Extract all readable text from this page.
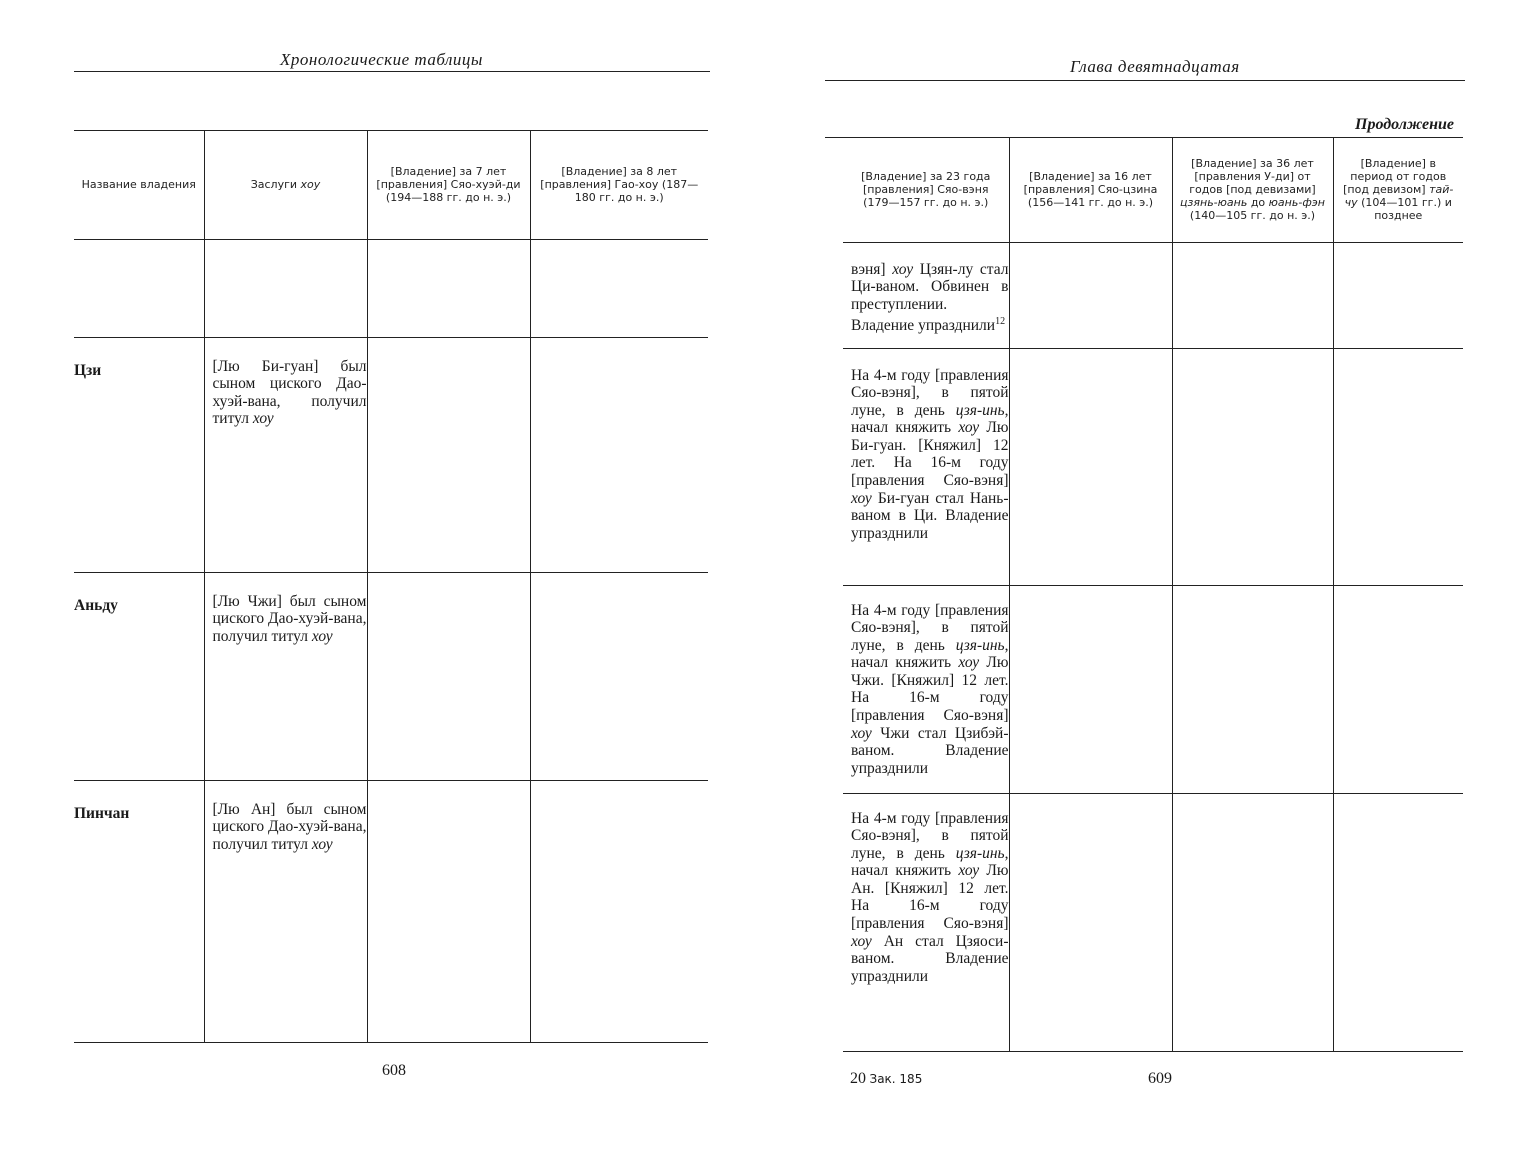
Хронологические таблицы
Название владения	Заслуги хоу	[Владение] за 7 лет [правления] Сяо-хуэй-ди (194—188 гг. до н. э.)	[Владение] за 8 лет [правления] Гао-хоу (187—180 гг. до н. э.)

Цзи	[Лю Би-гуан] был сыном циского Дао-хуэй-вана, получил титул хоу		

Аньду	[Лю Чжи] был сыном циского Дао-хуэй-вана, получил титул хоу		

Пинчан	[Лю Ан] был сыном циского Дао-хуэй-вана, получил титул хоу		

608
Глава девятнадцатая
Продолжение
[Владение] за 23 года [правления] Сяо-вэня (179—157 гг. до н. э.)	[Владение] за 16 лет [правления] Сяо-цзина (156—141 гг. до н. э.)	[Владение] за 36 лет [правления У-ди] от годов [под девизами] цзянь-юань до юань-фэн (140—105 гг. до н. э.)	[Владение] в период от годов [под девизом] тай-чу (104—101 гг.) и позднее

вэня] хоу Цзян-лу стал Ци-ваном. Обвинен в преступлении. Владение упразднили$^{12}$

На 4-м году [правления Сяо-вэня], в пятой луне, в день цзя-инь, начал княжить хоу Лю Би-гуан. [Княжил] 12 лет. На 16-м году [правления Сяо-вэня] хоу Би-гуан стал Нань-ваном в Ци. Владение упразднили			

На 4-м году [правления Сяо-вэня], в пятой луне, в день цзя-инь, начал княжить хоу Лю Чжи. [Княжил] 12 лет. На 16-м году [правления Сяо-вэня] хоу Чжи стал Цзибэй-ваном. Владение упразднили			

На 4-м году [правления Сяо-вэня], в пятой луне, в день цзя-инь, начал княжить хоу Лю Ан. [Княжил] 12 лет. На 16-м году [правления Сяо-вэня] хоу Ан стал Цзяоси-ваном. Владение упразднили			

20 Зак. 185	609
